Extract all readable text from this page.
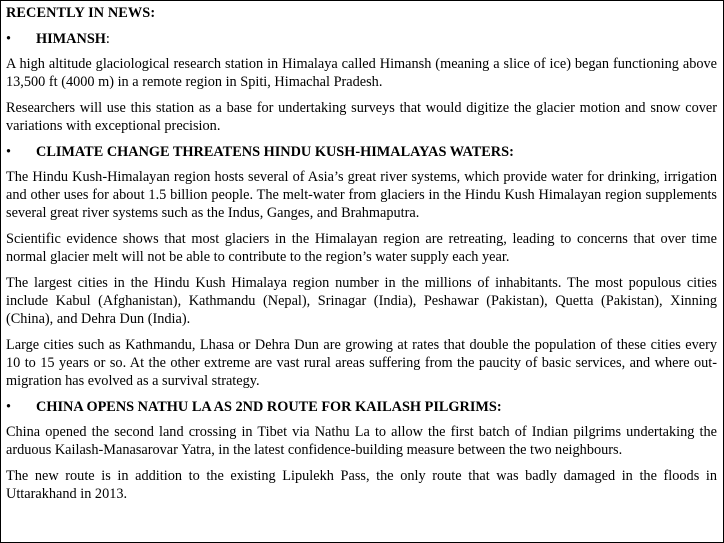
RECENTLY IN NEWS:
•	HIMANSH:

A high altitude glaciological research station in Himalaya called Himansh (meaning a slice of ice) began functioning above 13,500 ft (4000 m) in a remote region in Spiti, Himachal Pradesh.

Researchers will use this station as a base for undertaking surveys that would digitize the glacier motion and snow cover variations with exceptional precision.

•	CLIMATE CHANGE THREATENS HINDU KUSH-HIMALAYAS WATERS:

The Hindu Kush-Himalayan region hosts several of Asia’s great river systems, which provide water for drinking, irrigation and other uses for about 1.5 billion people. The melt-water from glaciers in the Hindu Kush Himalayan region supplements several great river systems such as the Indus, Ganges, and Brahmaputra.

Scientific evidence shows that most glaciers in the Himalayan region are retreating, leading to concerns that over time normal glacier melt will not be able to contribute to the region’s water supply each year.

The largest cities in the Hindu Kush Himalaya region number in the millions of inhabitants. The most populous cities include Kabul (Afghanistan), Kathmandu (Nepal), Srinagar (India), Peshawar (Pakistan), Quetta (Pakistan), Xinning (China), and Dehra Dun (India).

Large cities such as Kathmandu, Lhasa or Dehra Dun are growing at rates that double the population of these cities every 10 to 15 years or so. At the other extreme are vast rural areas suffering from the paucity of basic services, and where out-migration has evolved as a survival strategy.

•	CHINA OPENS NATHU LA AS 2ND ROUTE FOR KAILASH PILGRIMS:

China opened the second land crossing in Tibet via Nathu La to allow the first batch of Indian pilgrims undertaking the arduous Kailash-Manasarovar Yatra, in the latest confidence-building measure between the two neighbours.

The new route is in addition to the existing Lipulekh Pass, the only route that was badly damaged in the floods in Uttarakhand in 2013.
